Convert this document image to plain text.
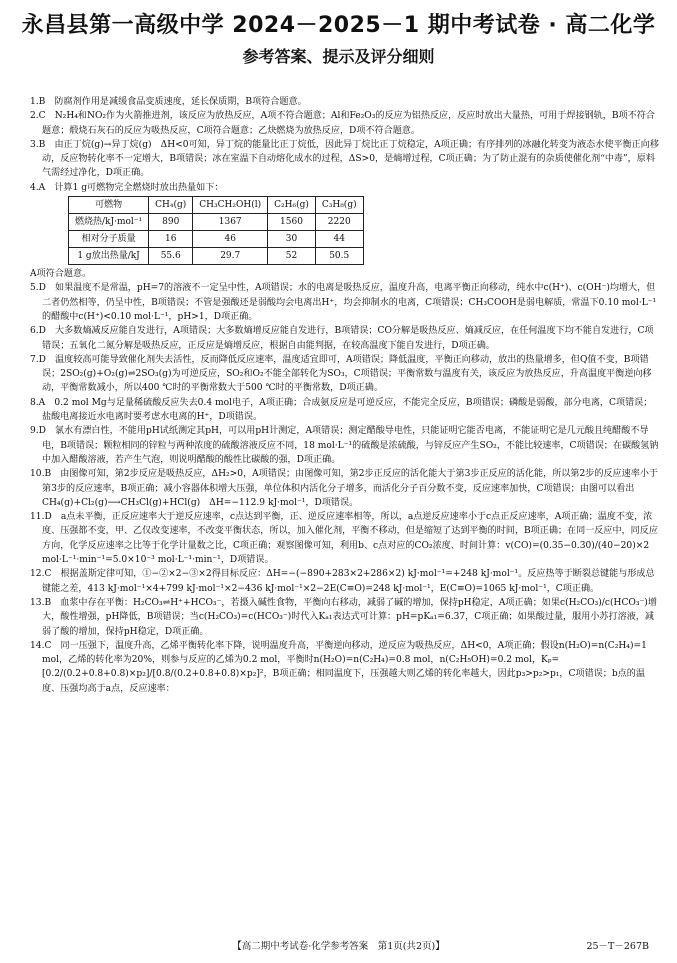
永昌县第一高级中学 2024－2025－1 期中考试卷 · 高二化学
参考答案、提示及评分细则
1.B　防腐剂作用是减缓食品变质速度，延长保质期，B项符合题意。
2.C　N₂H₄和NO₂作为火箭推进剂，该反应为放热反应，A项不符合题意；Al和Fe₂O₃的反应为铝热反应，反应时放出大量热，可用于焊接钢轨，B项不符合题意；煅烧石灰石的反应为吸热反应，C项符合题意；乙炔燃烧为放热反应，D项不符合题意。
3.B　由正丁烷(g)→异丁烷(g)　ΔH<0可知，异丁烷的能量比正丁烷低，因此异丁烷比正丁烷稳定，A项正确；有序排列的冰融化转变为液态水使平衡正向移动，反应物转化率不一定增大，B项错误；冰在室温下自动熔化成水的过程，ΔS>0，是熵增过程，C项正确；为了防止混有的杂质使催化剂“中毒”，原料气需经过净化，D项正确。
4.A　计算1 g可燃物完全燃烧时放出热量如下：
可燃物	CH₄(g)	CH₃CH₂OH(l)	C₂H₆(g)	C₃H₈(g)
燃烧热/kJ·mol⁻¹	890	1367	1560	2220
相对分子质量	16	46	30	44
1 g放出热量/kJ	55.6	29.7	52	50.5
A项符合题意。
5.D　如果温度不是常温，pH=7的溶液不一定呈中性，A项错误；水的电离是吸热反应，温度升高，电离平衡正向移动，纯水中c(H⁺)、c(OH⁻)均增大，但二者仍然相等，仍呈中性，B项错误；不管是强酸还是弱酸均会电离出H⁺，均会抑制水的电离，C项错误；CH₃COOH是弱电解质，常温下0.10 mol·L⁻¹的醋酸中c(H⁺)<0.10 mol·L⁻¹，pH>1，D项正确。
6.D　大多数熵减反应能自发进行，A项错误；大多数熵增反应能自发进行，B项错误；CO分解是吸热反应、熵减反应，在任何温度下均不能自发进行，C项错误；五氧化二氮分解是吸热反应，正反应是熵增反应，根据自由能判据，在较高温度下能自发进行，D项正确。
7.D　温度较高可能导致催化剂失去活性，反而降低反应速率，温度适宜即可，A项错误；降低温度，平衡正向移动，放出的热量增多，但Q值不变，B项错误；2SO₂(g)+O₂(g)⇌2SO₃(g)为可逆反应，SO₂和O₂不能全部转化为SO₃，C项错误；平衡常数与温度有关，该反应为放热反应，升高温度平衡逆向移动，平衡常数减小，所以400 ℃时的平衡常数大于500 ℃时的平衡常数，D项正确。
8.A　0.2 mol Mg与足量稀硫酸反应失去0.4 mol电子，A项正确；合成氨反应是可逆反应，不能完全反应，B项错误；磷酸是弱酸，部分电离，C项错误；盐酸电离接近水电离时要考虑水电离的H⁺，D项错误。
9.D　氯水有漂白性，不能用pH试纸测定其pH，可以用pH计测定，A项错误；测定醋酸导电性，只能证明它能否电离，不能证明它是几元酸且纯醋酸不导电，B项错误；颗粒相同的锌粒与两种浓度的硫酸溶液反应不同，18 mol·L⁻¹的硫酸是浓硫酸，与锌反应产生SO₂，不能比较速率，C项错误；在碳酸氢钠中加入醋酸溶液，若产生气泡，则说明醋酸的酸性比碳酸的强，D项正确。
10.B　由图像可知，第2步反应是吸热反应，ΔH₂>0，A项错误；由图像可知，第2步正反应的活化能大于第3步正反应的活化能，所以第2步的反应速率小于第3步的反应速率，B项正确；减小容器体积增大压强，单位体积内活化分子增多，而活化分子百分数不变，反应速率加快，C项错误；由图可以看出CH₄(g)+Cl₂(g)⟶CH₃Cl(g)+HCl(g)　ΔH=−112.9 kJ·mol⁻¹，D项错误。
11.D　a点未平衡，正反应速率大于逆反应速率，c点达到平衡，正、逆反应速率相等，所以，a点逆反应速率小于c点正反应速率，A项正确；温度不变，浓度、压强都不变，甲、乙仅改变速率，不改变平衡状态，所以，加入催化剂，平衡不移动，但是缩短了达到平衡的时间，B项正确；在同一反应中，同反应方向，化学反应速率之比等于化学计量数之比，C项正确；观察图像可知，利用b、c点对应的CO₂浓度、时间计算：v(CO)=(0.35−0.30)/(40−20)×2 mol·L⁻¹·min⁻¹=5.0×10⁻³ mol·L⁻¹·min⁻¹，D项错误。
12.C　根据盖斯定律可知，①−②×2−③×2得目标反应：ΔH=−(−890+283×2+286×2) kJ·mol⁻¹=+248 kJ·mol⁻¹。反应热等于断裂总键能与形成总键能之差，413 kJ·mol⁻¹×4+799 kJ·mol⁻¹×2−436 kJ·mol⁻¹×2−2E(C≡O)=248 kJ·mol⁻¹，E(C≡O)=1065 kJ·mol⁻¹，C项正确。
13.B　血浆中存在平衡：H₂CO₃⇌H⁺+HCO₃⁻，若摄入碱性食物，平衡向右移动，减弱了碱的增加，保持pH稳定，A项正确；如果c(H₂CO₃)/c(HCO₃⁻)增大，酸性增强，pH降低，B项错误；当c(H₂CO₃)=c(HCO₃⁻)时代入Kₐ₁表达式可计算：pH=pKₐ₁=6.37，C项正确；如果酸过量，服用小苏打溶液，减弱了酸的增加，保持pH稳定，D项正确。
14.C　同一压强下，温度升高，乙烯平衡转化率下降，说明温度升高，平衡逆向移动，逆反应为吸热反应，ΔH<0，A项正确；假设n(H₂O)=n(C₂H₄)=1 mol，乙烯的转化率为20%，则参与反应的乙烯为0.2 mol，平衡时n(H₂O)=n(C₂H₄)=0.8 mol，n(C₂H₅OH)=0.2 mol，Kₚ=[0.2/(0.2+0.8+0.8)×p₂]/[0.8/(0.2+0.8+0.8)×p₂]²，B项正确；相同温度下，压强越大则乙烯的转化率越大，因此p₃>p₂>p₁，C项错误；b点的温度、压强均高于a点，反应速率：
【高二期中考试卷·化学参考答案　第1页(共2页)】	25－T－267B
